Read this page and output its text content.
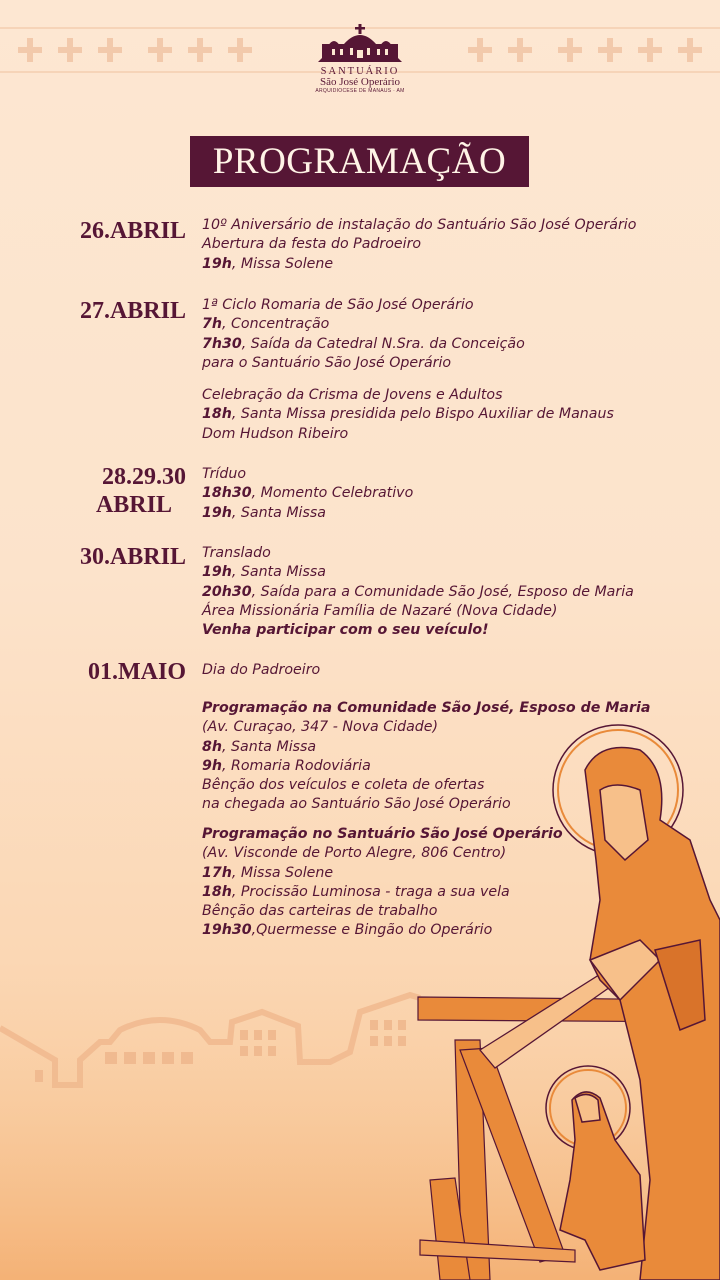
SANTUÁRIO
São José Operário
ARQUIDIOCESE DE MANAUS · AM
PROGRAMAÇÃO
26.ABRIL
27.ABRIL
28.29.30
ABRIL
30.ABRIL
01.MAIO
10º Aniversário de instalação do Santuário São José Operário
Abertura da festa do Padroeiro
19h, Missa Solene
1ª Ciclo Romaria de São José Operário
7h, Concentração
7h30, Saída da Catedral N.Sra. da Conceição
para o Santuário São José Operário
Celebração da Crisma de Jovens e Adultos
18h, Santa Missa presidida pelo Bispo Auxiliar de Manaus
Dom Hudson Ribeiro
Tríduo
18h30, Momento Celebrativo
19h, Santa Missa
Translado
19h, Santa Missa
20h30, Saída para a Comunidade São José, Esposo de Maria
Área Missionária Família de Nazaré (Nova Cidade)
Venha participar com o seu veículo!
Dia do Padroeiro
Programação na Comunidade São José, Esposo de Maria
(Av. Curaçao, 347 - Nova Cidade)
8h, Santa Missa
9h, Romaria Rodoviária
Bênção dos veículos e coleta de ofertas
na chegada ao Santuário São José Operário
Programação no Santuário São José Operário
(Av. Visconde de Porto Alegre, 806 Centro)
17h, Missa Solene
18h, Procissão Luminosa - traga a sua vela
Bênção das carteiras de trabalho
19h30,Quermesse e Bingão do Operário
